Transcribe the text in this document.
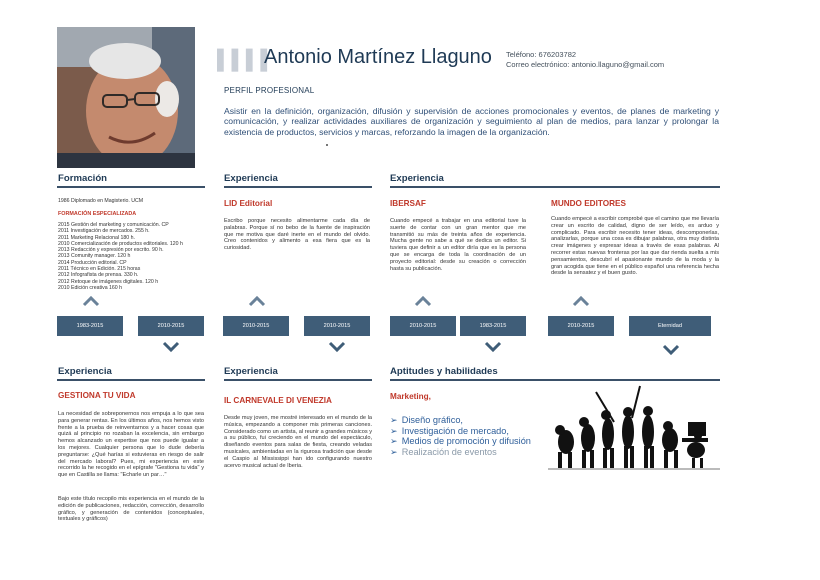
▌▌▌▌
Antonio Martínez Llaguno Teléfono: 676203782
Correo electrónico: antonio.llaguno@gmail.com
PERFIL PROFESIONAL
Asistir en la definición, organización, difusión y supervisión de acciones promocionales y eventos, de planes de marketing y comunicación, y realizar actividades auxiliares de organización y seguimiento al plan de medios, para lanzar y prolongar la existencia de productos, servicios y marcas, reforzando la imagen de la organización.
Formación
1986 Diplomado en Magisterio. UCM
FORMACIÓN ESPECIALIZADA
2015 Gestión del marketing y comunicación. CP
2011 Investigación de mercados. 255 h.
2011 Marketing Relacional 180 h.
2010 Comercialización de productos editoriales. 120 h
2013 Redacción y expresión por escrito. 90 h.
2013 Comunity manager. 120 h
2014 Producción editorial. CP
2011 Técnico en Edición. 215 horas
2012 Infografista de prensa. 330 h.
2012 Retoque de imágenes digitales. 120 h
2010 Edición creativa 160 h
Experiencia
LID Editorial
Escribo porque necesito alimentarme cada día de palabras. Porque sí no bebo de la fuente de inspiración que me motiva que daré inerte en el mundo del olvido. Creo contenidos y alimento a esa fiera que es la curiosidad.
Experiencia
IBERSAF
Cuando empecé a trabajar en una editorial tuve la suerte de contar con un gran mentor que me transmitió su más de treinta años de experiencia. Mucha gente no sabe a qué se dedica un editor. Si tuviera que definir a un editor diría que es la persona que se encarga de toda la coordinación de un proyecto editorial: desde su creación o corrección hasta su publicación.
MUNDO EDITORES
Cuando empecé a escribir comprobé que el camino que me llevaría crear un escrito de calidad, digno de ser leído, es arduo y complicado. Para escribir necesito tener ideas, descomponerlas, analizarlas, porque una cosa es dibujar palabras, otra muy distinta crear imágenes y expresar ideas a través de esas palabras. Al recorrer estas nuevas fronteras por las que dar rienda suelta a mis pensamientos, descubrí el apasionante mundo de la moda y la gran acogida que tiene en el público español una referencia hecha desde la sensatez y el buen gusto.
1983-2015	2010-2015	2010-2015	2010-2015	2010-2015	1983-2015	2010-2015	Eternidad
Experiencia
GESTIONA TU VIDA
La necesidad de sobreponernos nos empuja a lo que sea para generar rentas. En los últimos años, nos hemos visto frente a la prueba de reinventarnos y a hacer cosas que quizá al principio no rozaban la excelencia, sin embargo hemos alcanzado un expertise que nos puede igualar a los mejores. Cualquier persona que lo dude debería preguntarse: ¿Qué harías si estuvieras en riesgo de salir del mercado laboral? Pues, mi experiencia en este recorrido la he recogido en el epígrafe "Gestiona tu vida" y que en Castilla se llama: "Echarle un par…"
Bajo este título recopilo mis experiencia en el mundo de la edición de publicaciones, redacción, corrección, desarrollo gráfico, y generación de contenidos (conceptuales, textuales y gráficos)
Experiencia
IL CARNEVALE DI VENEZIA
Desde muy joven, me mostré interesado en el mundo de la música, empezando a componer mis primeras canciones. Considerado como un artista, al reunir a grandes músicos y a su público, fui creciendo en el mundo del espectáculo, diseñando eventos para salas de fiesta, creando veladas musicales, ambientadas en la rigurosa tradición que desde el Caspio al Mississippi han ido configurando nuestro acervo musical actual de Iberia.
Aptitudes y habilidades
Marketing,
➢ Diseño gráfico,
➢ Investigación de mercado,
➢ Medios de promoción y difusión
➢ Realización de eventos
